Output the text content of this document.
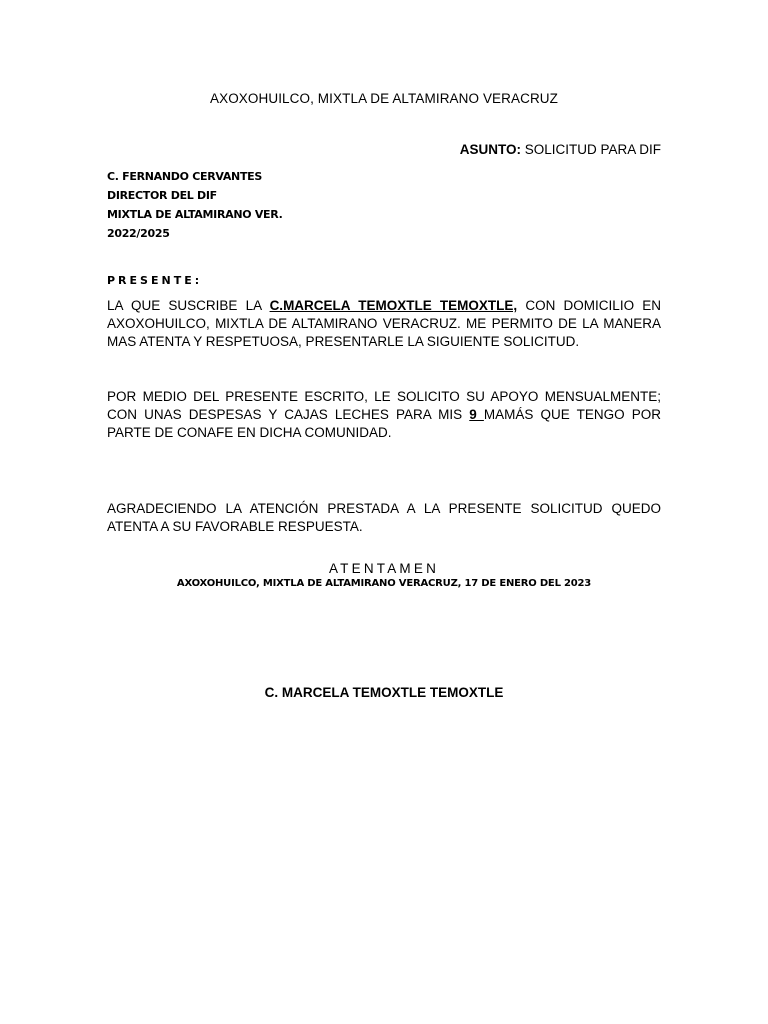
AXOXOHUILCO, MIXTLA DE ALTAMIRANO VERACRUZ
ASUNTO: SOLICITUD PARA DIF
C. FERNANDO CERVANTES
DIRECTOR DEL DIF
MIXTLA DE ALTAMIRANO VER.
2022/2025
PRESENTE:
LA QUE SUSCRIBE LA C.MARCELA TEMOXTLE TEMOXTLE, CON DOMICILIO EN AXOXOHUILCO, MIXTLA DE ALTAMIRANO VERACRUZ. ME PERMITO DE LA MANERA MAS ATENTA Y RESPETUOSA, PRESENTARLE LA SIGUIENTE SOLICITUD.
POR MEDIO DEL PRESENTE ESCRITO, LE SOLICITO SU APOYO MENSUALMENTE; CON UNAS DESPESAS Y CAJAS LECHES PARA MIS 9 MAMÁS QUE TENGO POR PARTE DE CONAFE EN DICHA COMUNIDAD.
AGRADECIENDO LA ATENCIÓN PRESTADA A LA PRESENTE SOLICITUD QUEDO ATENTA A SU FAVORABLE RESPUESTA.
ATENTAMEN
AXOXOHUILCO, MIXTLA DE ALTAMIRANO VERACRUZ, 17 DE ENERO DEL 2023
C. MARCELA TEMOXTLE TEMOXTLE
